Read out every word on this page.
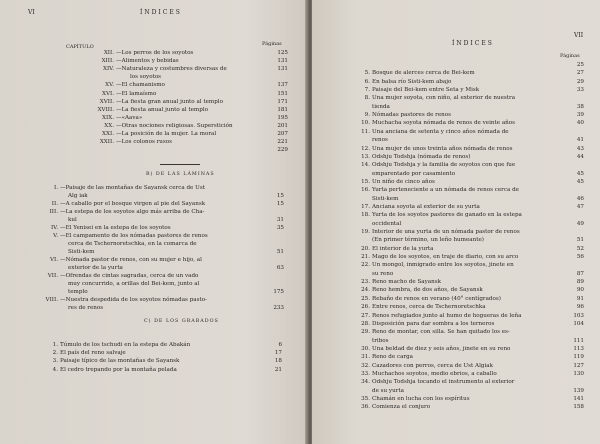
VI	ÍNDICES
CAPÍTULO	Páginas
XII. —Los perros de los soyotos	125
XIII. —Alimentos y bebidas	131
XIV. —Naturaleza y costumbres diversas de	131
los soyotos
XV. —El chamanismo	137
XVI. —El lamaísmo	151
XVII. —La fiesta gran anual junto al templo	171
XVIII. —La fiesta anual junto al templo	181
XIX. —«Aava»	195
XX. —Otras nociones religiosas. Superstición	201
XXI. —La posición de la mujer. La moral	207
XXII. —Los colonos rusos	221
229
B) DE LAS LÁMINAS
I. —Paisaje de las montañas de Sayansk cerca de Ust
Alg iak	15
II. —A caballo por el bosque virgen al pie del Sayansk	15
III. —La estepa de los soyotos algo más arriba de Cha-
kul	31
IV. —El Yenisei en la estepa de los soyotos	35
V. —El campamento de los nómadas pastores de renos
cerca de Tschernoretschka, en la comarca de
Sisti-kem	51
VI. —Nómada pastor de renos, con su mujer e hijo, al
exterior de la yurta	63
VII. —Ofrendas de cintas sagradas, cerca de un vado
muy concurrido, a orillas del Bei-kem, junto al
templo	175
VIII. —Nuestra despedida de los soyotos nómadas pasto-
res de renos	233
C) DE LOS GRABADOS
1. Túmulo de los tschudi en la estepa de Abakán	6
2. El país del reno salvaje	17
3. Paisaje típico de las montañas de Sayansk	18
4. El cedro trepando por la montaña pelada	21
ÍNDICES
VII
Páginas
25
5. Bosque de alerces cerca de Bei-kem	27
6. En balsa río Sisti-kem abajo	29
7. Paisaje del Bei-kem entre Seta y Misk	33
8. Una mujer soyota, con niño, al exterior de nuestra
tienda	38
9. Nómadas pastores de renos	39
10. Muchacha soyota nómada de renos de veinte años	40
11. Una anciana de setenta y cinco años nómada de
renos	41
12. Una mujer de unos treinta años nómada de renos	43
13. Odshju Todshja (nómada de renos)	44
14. Odshju Todshja y la familia de soyotos con que fue
emparentado por casamiento	45
15. Un niño de cinco años	45
16. Yurta perteneciente a un nómada de renos cerca de
Sisti-kem	46
17. Anciana soyota al exterior de su yurta	47
18. Yurta de los soyotos pastores de ganado en la estepa
occidental	49
19. Interior de una yurta de un nómada pastor de renos
(En primer término, un leño humeante)	51
20. El interior de la yurta	52
21. Mago de los soyotos, en traje de diario, con su arco	56
22. Un mongol, inmigrado entre los soyotos, jinete en
su reno	87
23. Reno macho de Sayansk	89
24. Reno hembra, de dos años, de Sayansk	90
25. Rebaño de renos en verano (40° centígrados)	91
26. Entre renos, cerca de Tschernoretschka	96
27. Renos refugiados junto al humo de hogueras de leña	103
28. Disposición para dar sombra a los terneros	104
29. Reno de montar, con silla. Se han quitado los es-
tribos	111
30. Una beldad de diez y seis años, jinete en su reno	113
31. Reno de carga	119
32. Cazadores con perros, cerca de Ust Algiak	127
33. Muchachos soyotos, medio ebrios, a caballo	130
34. Odshju Todshja tocando el instrumento al exterior
de su yurta	139
35. Chamán en lucha con los espíritus	141
36. Comienza el conjuro	158
